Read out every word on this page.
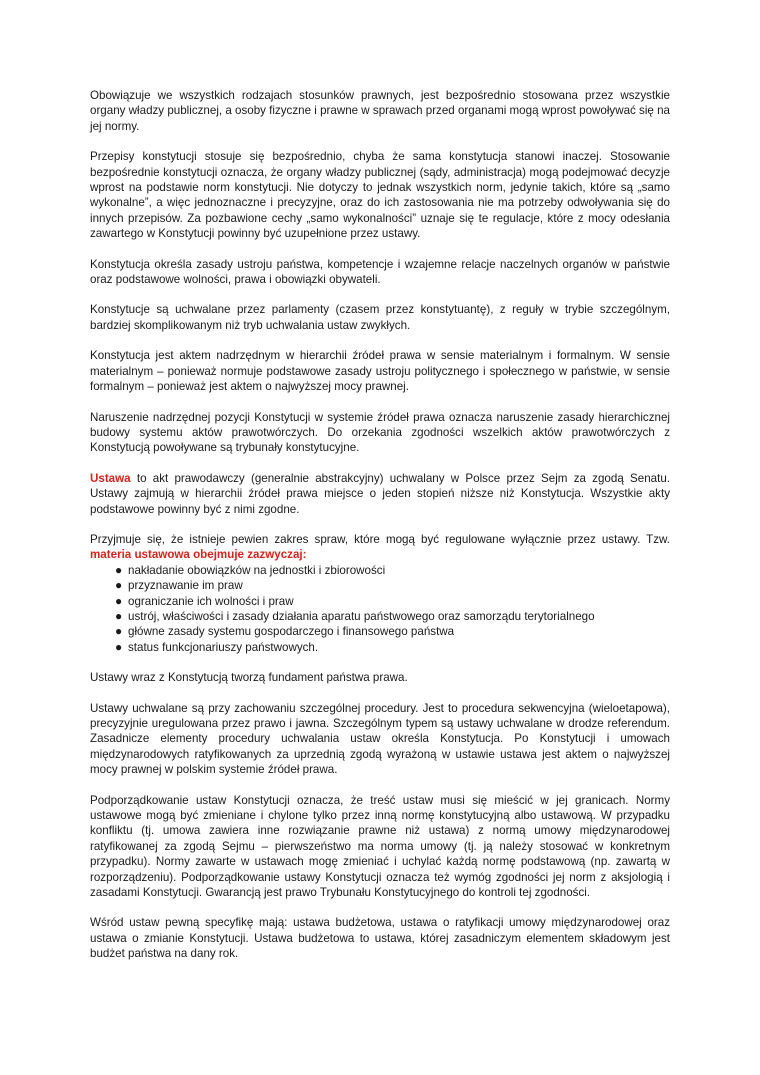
Obowiązuje we wszystkich rodzajach stosunków prawnych, jest bezpośrednio stosowana przez wszystkie organy władzy publicznej, a osoby fizyczne i prawne w sprawach przed organami mogą wprost powoływać się na jej normy.

Przepisy konstytucji stosuje się bezpośrednio, chyba że sama konstytucja stanowi inaczej. Stosowanie bezpośrednie konstytucji oznacza, że organy władzy publicznej (sądy, administracja) mogą podejmować decyzje wprost na podstawie norm konstytucji. Nie dotyczy to jednak wszystkich norm, jedynie takich, które są „samo wykonalne”, a więc jednoznaczne i precyzyjne, oraz do ich zastosowania nie ma potrzeby odwoływania się do innych przepisów. Za pozbawione cechy „samo wykonalności” uznaje się te regulacje, które z mocy odesłania zawartego w Konstytucji powinny być uzupełnione przez ustawy.

Konstytucja określa zasady ustroju państwa, kompetencje i wzajemne relacje naczelnych organów w państwie oraz podstawowe wolności, prawa i obowiązki obywateli.

Konstytucje są uchwalane przez parlamenty (czasem przez konstytuantę), z reguły w trybie szczególnym, bardziej skomplikowanym niż tryb uchwalania ustaw zwykłych.

Konstytucja jest aktem nadrzędnym w hierarchii źródeł prawa w sensie materialnym i formalnym. W sensie materialnym – ponieważ normuje podstawowe zasady ustroju politycznego i społecznego w państwie, w sensie formalnym – ponieważ jest aktem o najwyższej mocy prawnej.

Naruszenie nadrzędnej pozycji Konstytucji w systemie źródeł prawa oznacza naruszenie zasady hierarchicznej budowy systemu aktów prawotwórczych. Do orzekania zgodności wszelkich aktów prawotwórczych z Konstytucją powoływane są trybunały konstytucyjne.

Ustawa to akt prawodawczy (generalnie abstrakcyjny) uchwalany w Polsce przez Sejm za zgodą Senatu. Ustawy zajmują w hierarchii źródeł prawa miejsce o jeden stopień niższe niż Konstytucja. Wszystkie akty podstawowe powinny być z nimi zgodne.

Przyjmuje się, że istnieje pewien zakres spraw, które mogą być regulowane wyłącznie przez ustawy. Tzw. materia ustawowa obejmuje zazwyczaj:

● nakładanie obowiązków na jednostki i zbiorowości
● przyznawanie im praw
● ograniczanie ich wolności i praw
● ustrój, właściwości i zasady działania aparatu państwowego oraz samorządu terytorialnego
● główne zasady systemu gospodarczego i finansowego państwa
● status funkcjonariuszy państwowych.

Ustawy wraz z Konstytucją tworzą fundament państwa prawa.

Ustawy uchwalane są przy zachowaniu szczególnej procedury. Jest to procedura sekwencyjna (wieloetapowa), precyzyjnie uregulowana przez prawo i jawna. Szczególnym typem są ustawy uchwalane w drodze referendum. Zasadnicze elementy procedury uchwalania ustaw określa Konstytucja. Po Konstytucji i umowach międzynarodowych ratyfikowanych za uprzednią zgodą wyrażoną w ustawie ustawa jest aktem o najwyższej mocy prawnej w polskim systemie źródeł prawa.

Podporządkowanie ustaw Konstytucji oznacza, że treść ustaw musi się mieścić w jej granicach. Normy ustawowe mogą być zmieniane i chylone tylko przez inną normę konstytucyjną albo ustawową. W przypadku konfliktu (tj. umowa zawiera inne rozwiązanie prawne niż ustawa) z normą umowy międzynarodowej ratyfikowanej za zgodą Sejmu – pierwszeństwo ma norma umowy (tj. ją należy stosować w konkretnym przypadku). Normy zawarte w ustawach mogę zmieniać i uchylać każdą normę podstawową (np. zawartą w rozporządzeniu). Podporządkowanie ustawy Konstytucji oznacza też wymóg zgodności jej norm z aksjologią i zasadami Konstytucji. Gwarancją jest prawo Trybunału Konstytucyjnego do kontroli tej zgodności.

Wśród ustaw pewną specyfikę mają: ustawa budżetowa, ustawa o ratyfikacji umowy międzynarodowej oraz ustawa o zmianie Konstytucji. Ustawa budżetowa to ustawa, której zasadniczym elementem składowym jest budżet państwa na dany rok.
